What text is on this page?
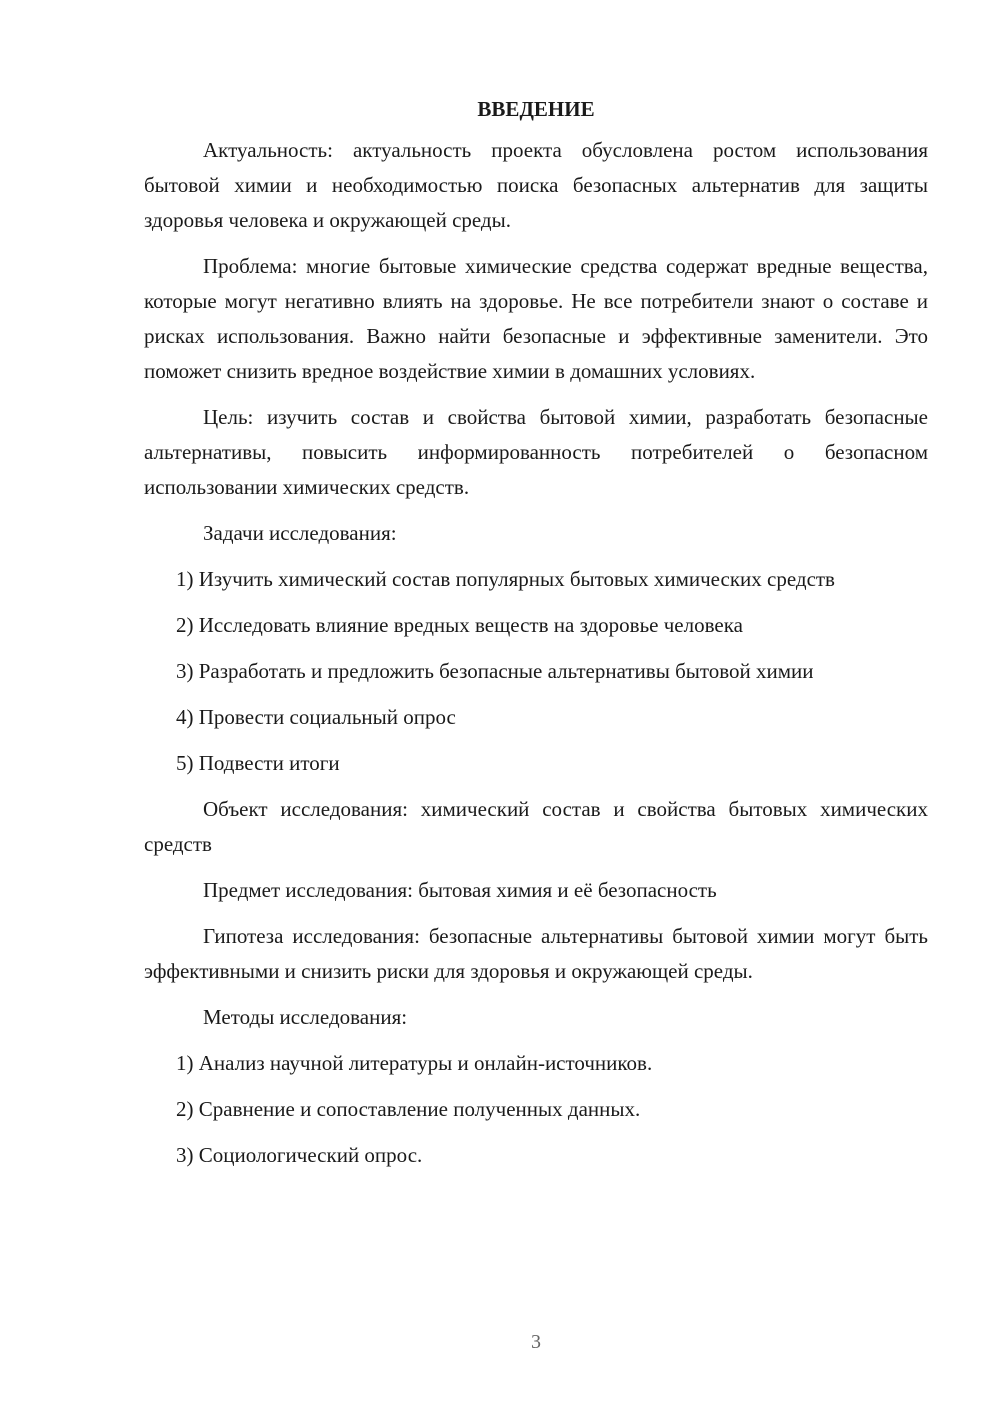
ВВЕДЕНИЕ

Актуальность: актуальность проекта обусловлена ростом использования бытовой химии и необходимостью поиска безопасных альтернатив для защиты здоровья человека и окружающей среды.

Проблема: многие бытовые химические средства содержат вредные вещества, которые могут негативно влиять на здоровье. Не все потребители знают о составе и рисках использования. Важно найти безопасные и эффективные заменители. Это поможет снизить вредное воздействие химии в домашних условиях.

Цель: изучить состав и свойства бытовой химии, разработать безопасные альтернативы, повысить информированность потребителей о безопасном использовании химических средств.

Задачи исследования:

1) Изучить химический состав популярных бытовых химических средств

2) Исследовать влияние вредных веществ на здоровье человека

3) Разработать и предложить безопасные альтернативы бытовой химии

4) Провести социальный опрос

5) Подвести итоги

Объект исследования: химический состав и свойства бытовых химических средств

Предмет исследования: бытовая химия и её безопасность

Гипотеза исследования: безопасные альтернативы бытовой химии могут быть эффективными и снизить риски для здоровья и окружающей среды.

Методы исследования:

1) Анализ научной литературы и онлайн-источников.

2) Сравнение и сопоставление полученных данных.

3) Социологический опрос.

3
